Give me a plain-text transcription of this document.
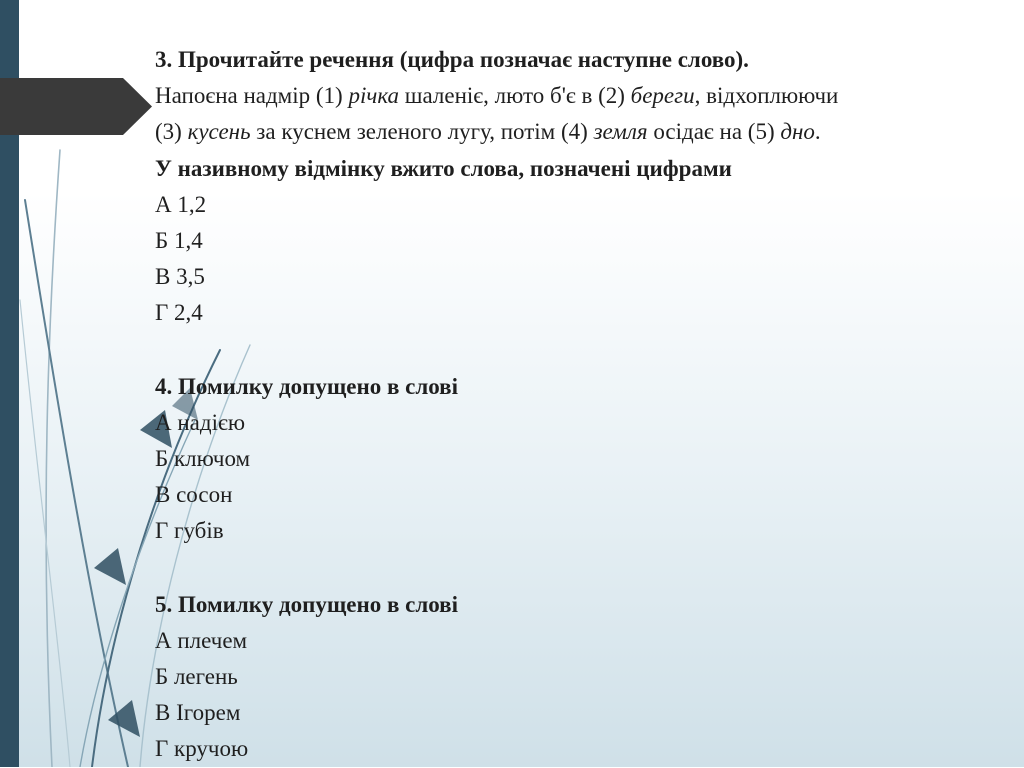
3. Прочитайте речення (цифра позначає наступне слово).
Напоєна надмір (1) річка шаленіє, люто б'є в (2) береги, відхоплюючи
(3) кусень за куснем зеленого лугу, потім (4) земля осідає на (5) дно.
У називному відмінку вжито слова, позначені цифрами
А 1,2
Б 1,4
В 3,5
Г 2,4
4. Помилку допущено в слові
А надією
Б ключом
В сосон
Г губів
5. Помилку допущено в слові
А плечем
Б легень
В Ігорем
Г кручою
